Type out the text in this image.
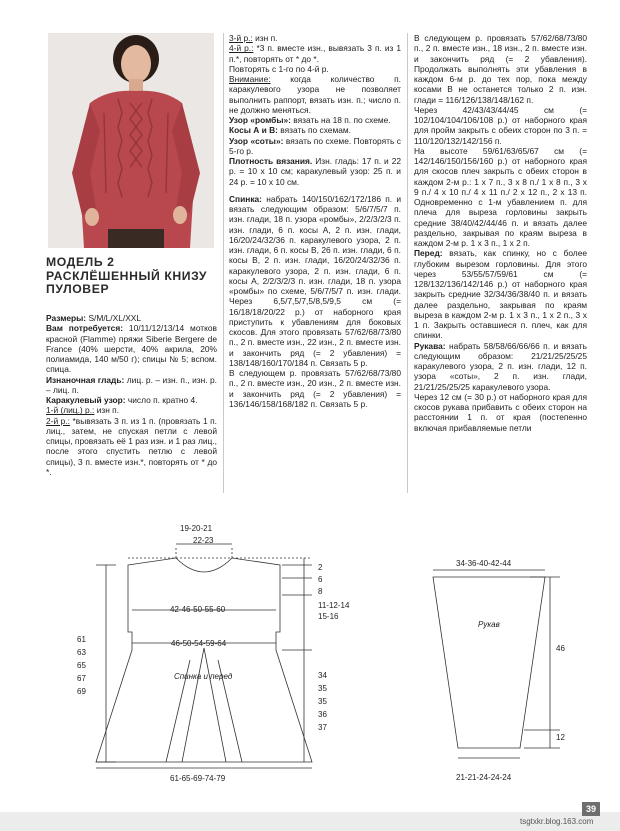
МОДЕЛЬ 2 РАСКЛЁШЕННЫЙ КНИЗУ ПУЛОВЕР

Размеры: S/M/L/XL/XXL

Вам потребуется: 10/11/12/13/14 мотков красной (Flamme) пряжи Siberie Bergere de France (40% шерсти, 40% акрила, 20% полиамида, 140 м/50 г); спицы № 5; вспом. спица.

Изнаночная гладь: лиц. р. – изн. п., изн. р. – лиц. п.

Каракулевый узор: число п. кратно 4.

1-й (лиц.) р.: изн п.

2-й р.: *вывязать 3 п. из 1 п. (провязать 1 п. лиц., затем, не спуская петли с левой спицы, провязать её 1 раз изн. и 1 раз лиц., после этого спустить петлю с левой спицы), 3 п. вместе изн.*, повторять от * до *.

3-й р.: изн п.

4-й р.: *3 п. вместе изн., вывязать 3 п. из 1 п.*, повторять от * до *.

Повторять с 1-го по 4-й р.

Внимание: когда количество п. каракулевого узора не позволяет выполнить раппорт, вязать изн. п.; число п. не должно меняться.

Узор «ромбы»: вязать на 18 п. по схеме.

Косы А и В: вязать по схемам.

Узор «соты»: вязать по схеме. Повторять с 5-го р.

Плотность вязания. Изн. гладь: 17 п. и 22 р. = 10 х 10 см; каракулевый узор: 25 п. и 24 р. = 10 х 10 см.

Спинка: набрать 140/150/162/172/186 п. и вязать следующим образом: 5/6/7/5/7 п. изн. глади, 18 п. узора «ромбы», 2/2/3/2/3 п. изн. глади, 6 п. косы А, 2 п. изн. глади, 16/20/24/32/36 п. каракулевого узора, 2 п. изн. глади, 6 п. косы В, 26 п. изн. глади, 6 п. косы В, 2 п. изн. глади, 16/20/24/32/36 п. каракулевого узора, 2 п. изн. глади, 6 п. косы А, 2/2/3/2/3 п. изн. глади, 18 п. узора «ромбы» по схеме, 5/6/7/5/7 п. изн. глади. Через 6,5/7,5/7,5/8,5/9,5 см (= 16/18/18/20/22 р.) от наборного края приступить к убавлениям для боковых скосов. Для этого провязать 57/62/68/73/80 п., 2 п. вместе изн., 22 изн., 2 п. вместе изн. и закончить ряд (= 2 убавления) = 138/148/160/170/184 п. Связать 5 р.

В следующем р. провязать 57/62/68/73/80 п., 2 п. вместе изн., 20 изн., 2 п. вместе изн. и закончить ряд (= 2 убавления) = 136/146/158/168/182 п. Связать 5 р.

В следующем р. провязать 57/62/68/73/80 п., 2 п. вместе изн., 18 изн., 2 п. вместе изн. и закончить ряд (= 2 убавления). Продолжать выполнять эти убавления в каждом 6-м р. до тех пор, пока между косами В не останется только 2 п. изн. глади = 116/126/138/148/162 п.

Через 42/43/43/44/45 см (= 102/104/104/106/108 р.) от наборного края для пройм закрыть с обеих сторон по 3 п. = 110/120/132/142/156 п.

На высоте 59/61/63/65/67 см (= 142/146/150/156/160 р.) от наборного края для скосов плеч закрыть с обеих сторон в каждом 2-м р.: 1 х 7 п., 3 х 8 п./ 1 х 8 п., 3 х 9 п./ 4 х 10 п./ 4 х 11 п./ 2 х 12 п., 2 х 13 п. Одновременно с 1-м убавлением п. для плеча для выреза горловины закрыть средние 38/40/42/44/46 п. и вязать далее раздельно, закрывая по краям выреза в каждом 2-м р. 1 х 3 п., 1 х 2 п.

Перед: вязать, как спинку, но с более глубоким вырезом горловины. Для этого через 53/55/57/59/61 см (= 128/132/136/142/146 р.) от наборного края закрыть средние 32/34/36/38/40 п. и вязать далее раздельно, закрывая по краям выреза в каждом 2-м р. 1 х 3 п., 1 х 2 п., 3 х 1 п. Закрыть оставшиеся п. плеч, как для спинки.

Рукава: набрать 58/58/66/66/66 п. и вязать следующим образом: 21/21/25/25/25 каракулевого узора, 2 п. изн. глади, 12 п. узора «соты», 2 п. изн. глади, 21/21/25/25/25 каракулевого узора.

Через 12 см (= 30 р.) от наборного края для скосов рукава прибавить с обеих сторон на расстоянии 1 п. от края (постепенно включая прибавляемые петли

19-20-21
22-23
42-46-50-55-60
46-50-54-59-64
Спинка и перед
61-65-69-74-79
2
6
8
11-12-14
15-16
34
35
35
36
37
61
63
65
67
69
34-36-40-42-44
Рукав
46
12
21-21-24-24-24
39
tsgtxkr.blog.163.com
